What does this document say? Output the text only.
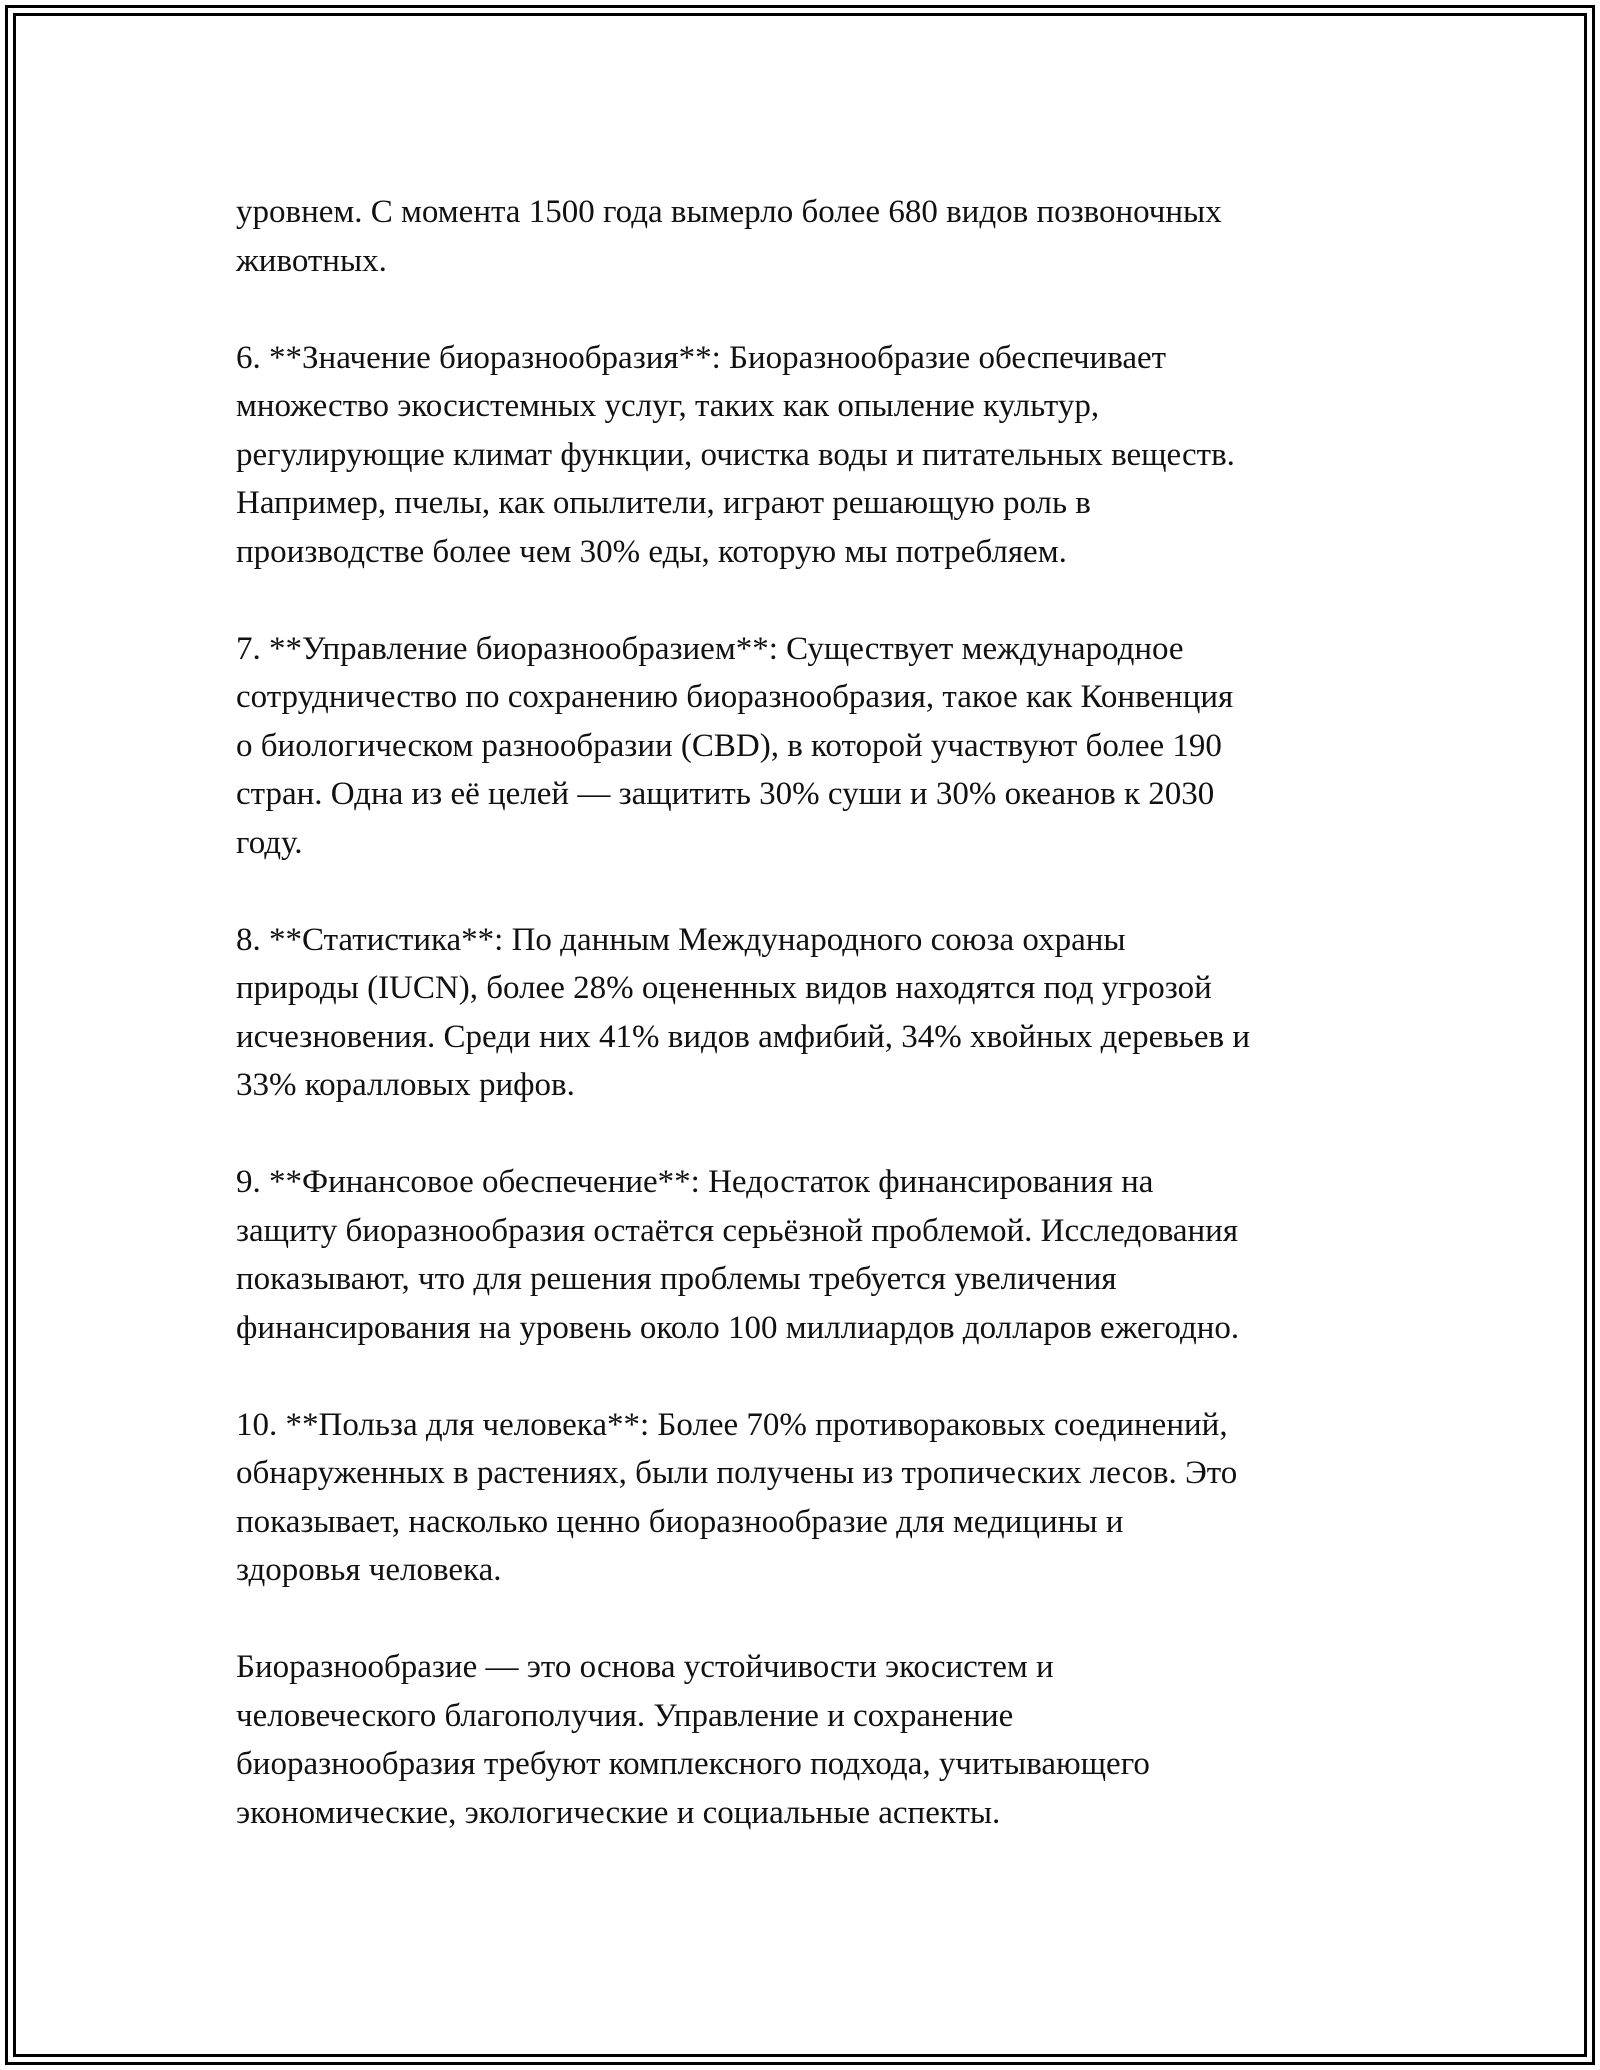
уровнем. С момента 1500 года вымерло более 680 видов позвоночных
животных.

6. **Значение биоразнообразия**: Биоразнообразие обеспечивает
множество экосистемных услуг, таких как опыление культур,
регулирующие климат функции, очистка воды и питательных веществ.
Например, пчелы, как опылители, играют решающую роль в
производстве более чем 30% еды, которую мы потребляем.

7. **Управление биоразнообразием**: Существует международное
сотрудничество по сохранению биоразнообразия, такое как Конвенция
о биологическом разнообразии (CBD), в которой участвуют более 190
стран. Одна из её целей — защитить 30% суши и 30% океанов к 2030
году.

8. **Статистика**: По данным Международного союза охраны
природы (IUCN), более 28% оцененных видов находятся под угрозой
исчезновения. Среди них 41% видов амфибий, 34% хвойных деревьев и
33% коралловых рифов.

9. **Финансовое обеспечение**: Недостаток финансирования на
защиту биоразнообразия остаётся серьёзной проблемой. Исследования
показывают, что для решения проблемы требуется увеличения
финансирования на уровень около 100 миллиардов долларов ежегодно.

10. **Польза для человека**: Более 70% противораковых соединений,
обнаруженных в растениях, были получены из тропических лесов. Это
показывает, насколько ценно биоразнообразие для медицины и
здоровья человека.

Биоразнообразие — это основа устойчивости экосистем и
человеческого благополучия. Управление и сохранение
биоразнообразия требуют комплексного подхода, учитывающего
экономические, экологические и социальные аспекты.
